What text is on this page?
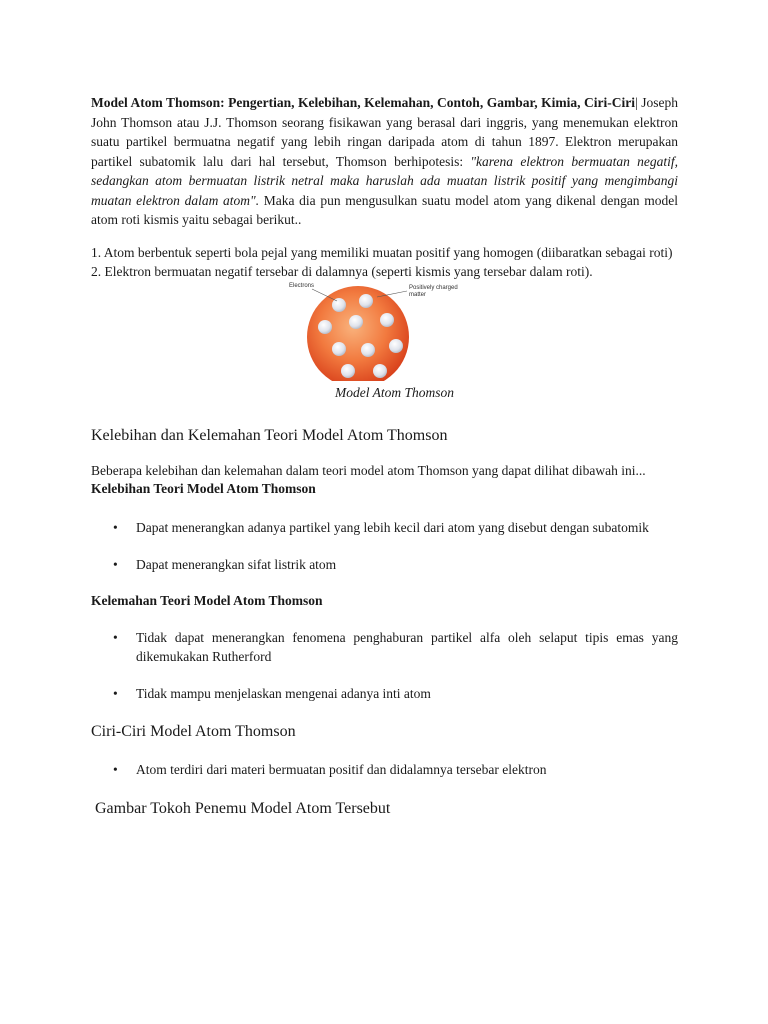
Model Atom Thomson: Pengertian, Kelebihan, Kelemahan, Contoh, Gambar, Kimia, Ciri-Ciri| Joseph John Thomson atau J.J. Thomson seorang fisikawan yang berasal dari inggris, yang menemukan elektron suatu partikel bermuatna negatif yang lebih ringan daripada atom di tahun 1897. Elektron merupakan partikel subatomik lalu dari hal tersebut, Thomson berhipotesis: "karena elektron bermuatan negatif, sedangkan atom bermuatan listrik netral maka haruslah ada muatan listrik positif yang mengimbangi muatan elektron dalam atom". Maka dia pun mengusulkan suatu model atom yang dikenal dengan model atom roti kismis yaitu sebagai berikut..

1. Atom berbentuk seperti bola pejal yang memiliki muatan positif yang homogen (diibaratkan sebagai roti)

2. Elektron bermuatan negatif tersebar di dalamnya (seperti kismis yang tersebar dalam roti).

Electrons	Positively charged
matter

Model Atom Thomson

Kelebihan dan Kelemahan Teori Model Atom Thomson

Beberapa kelebihan dan kelemahan dalam teori model atom Thomson yang dapat dilihat dibawah ini...

Kelebihan Teori Model Atom Thomson
• Dapat menerangkan adanya partikel yang lebih kecil dari atom yang disebut dengan subatomik
• Dapat menerangkan sifat listrik atom
Kelemahan Teori Model Atom Thomson
• Tidak dapat menerangkan fenomena penghaburan partikel alfa oleh selaput tipis emas yang dikemukakan Rutherford
• Tidak mampu menjelaskan mengenai adanya inti atom
Ciri-Ciri Model Atom Thomson
• Atom terdiri dari materi bermuatan positif dan didalamnya tersebar elektron
Gambar Tokoh Penemu Model Atom Tersebut
